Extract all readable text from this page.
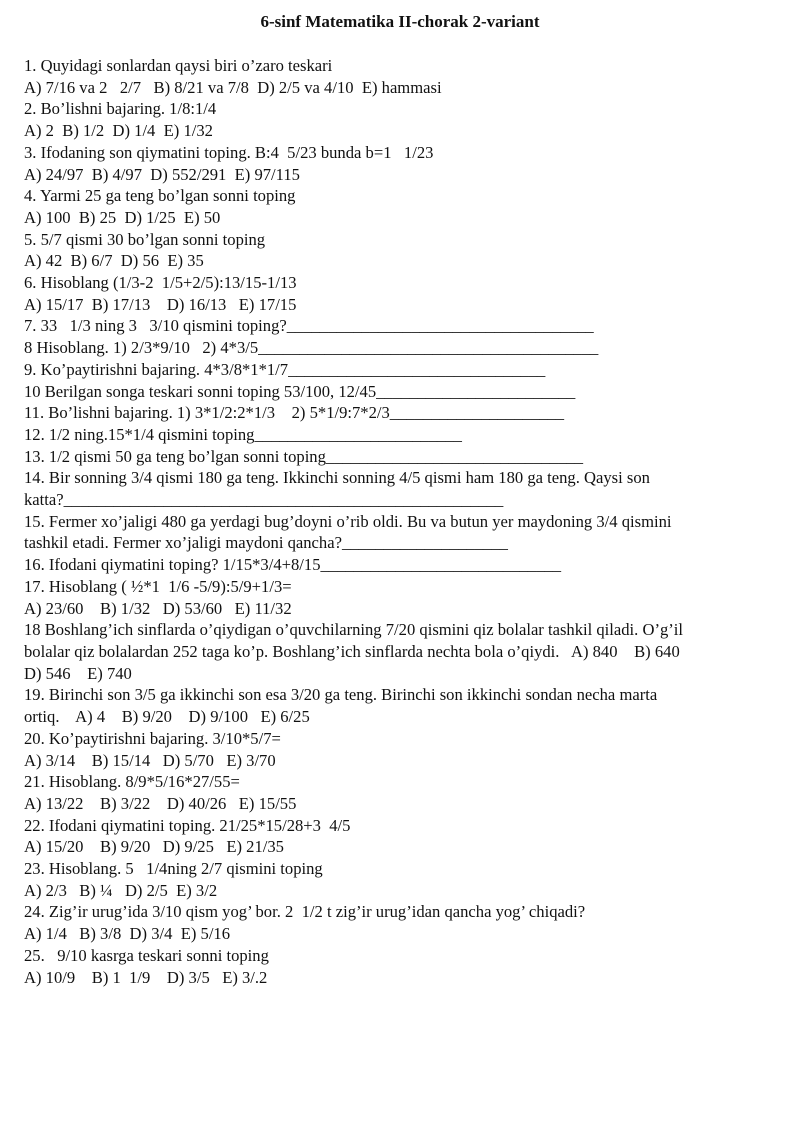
6-sinf Matematika II-chorak 2-variant
1. Quyidagi sonlardan qaysi biri o’zaro teskari
A) 7/16 va 2   2/7   B) 8/21 va 7/8  D) 2/5 va 4/10  E) hammasi
2. Bo’lishni bajaring. 1/8:1/4
A) 2  B) 1/2  D) 1/4  E) 1/32
3. Ifodaning son qiymatini toping. B:4  5/23 bunda b=1   1/23
A) 24/97  B) 4/97  D) 552/291  E) 97/115
4. Yarmi 25 ga teng bo’lgan sonni toping
A) 100  B) 25  D) 1/25  E) 50
5. 5/7 qismi 30 bo’lgan sonni toping
A) 42  B) 6/7  D) 56  E) 35
6. Hisoblang (1/3-2  1/5+2/5):13/15-1/13
A) 15/17  B) 17/13    D) 16/13   E) 17/15
7. 33   1/3 ning 3   3/10 qismini toping?_____________________________________
8 Hisoblang. 1) 2/3*9/10   2) 4*3/5_________________________________________
9. Ko’paytirishni bajaring. 4*3/8*1*1/7_______________________________
10 Berilgan songa teskari sonni toping 53/100, 12/45________________________
11. Bo’lishni bajaring. 1) 3*1/2:2*1/3    2) 5*1/9:7*2/3_____________________
12. 1/2 ning.15*1/4 qismini toping_________________________
13. 1/2 qismi 50 ga teng bo’lgan sonni toping_______________________________
14. Bir sonning 3/4 qismi 180 ga teng. Ikkinchi sonning 4/5 qismi ham 180 ga teng. Qaysi son
katta?_____________________________________________________
15. Fermer xo’jaligi 480 ga yerdagi bug’doyni o’rib oldi. Bu va butun yer maydoning 3/4 qismini
tashkil etadi. Fermer xo’jaligi maydoni qancha?____________________
16. Ifodani qiymatini toping? 1/15*3/4+8/15_____________________________
17. Hisoblang ( ½*1  1/6 -5/9):5/9+1/3=
A) 23/60    B) 1/32   D) 53/60   E) 11/32
18 Boshlang’ich sinflarda o’qiydigan o’quvchilarning 7/20 qismini qiz bolalar tashkil qiladi. O’g’il
bolalar qiz bolalardan 252 taga ko’p. Boshlang’ich sinflarda nechta bola o’qiydi.   A) 840    B) 640
D) 546    E) 740
19. Birinchi son 3/5 ga ikkinchi son esa 3/20 ga teng. Birinchi son ikkinchi sondan necha marta
ortiq.    A) 4    B) 9/20    D) 9/100   E) 6/25
20. Ko’paytirishni bajaring. 3/10*5/7=
A) 3/14    B) 15/14   D) 5/70   E) 3/70
21. Hisoblang. 8/9*5/16*27/55=
A) 13/22    B) 3/22    D) 40/26   E) 15/55
22. Ifodani qiymatini toping. 21/25*15/28+3  4/5
A) 15/20    B) 9/20   D) 9/25   E) 21/35
23. Hisoblang. 5   1/4ning 2/7 qismini toping
A) 2/3   B) ¼   D) 2/5  E) 3/2
24. Zig’ir urug’ida 3/10 qism yog’ bor. 2  1/2 t zig’ir urug’idan qancha yog’ chiqadi?
A) 1/4   B) 3/8  D) 3/4  E) 5/16
25.   9/10 kasrga teskari sonni toping
A) 10/9    B) 1  1/9    D) 3/5   E) 3/.2
